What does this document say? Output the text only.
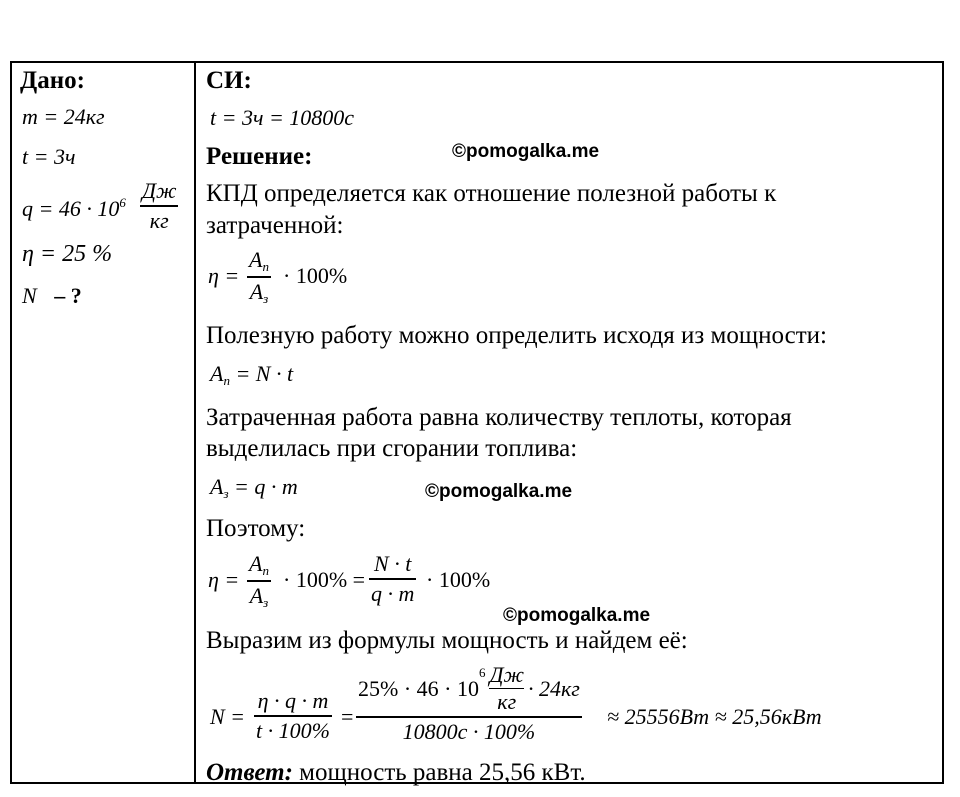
Дано:
m = 24кг
t = 3ч
$q = 46 \cdot 10^6$ Дж
кг
η = 25 %
N – ?
СИ:
t = 3ч = 10800c
Решение:	©pomogalka.me
КПД определяется как отношение полезной работы к
затраченной:
η =
$A_п$
$A_з$
· 100%
Полезную работу можно определить исходя из мощности:
$A_п = N \cdot t$
Затраченная работа равна количеству теплоты, которая
выделилась при сгорании топлива:
$A_з = q \cdot m$	©pomogalka.me
Поэтому:
η =
$A_п$
$A_з$
· 100% =
N · t
q · m
· 100%
©pomogalka.me
Выразим из формулы мощность и найдем её:
N =
η · q · m
t · 100%
=
25% · 46 · 10
$^6$ Дж
кг
· 24кг
10800с · 100%
≈ 25556Вт ≈ 25,56кВт
Ответ: мощность равна 25,56 кВт.
